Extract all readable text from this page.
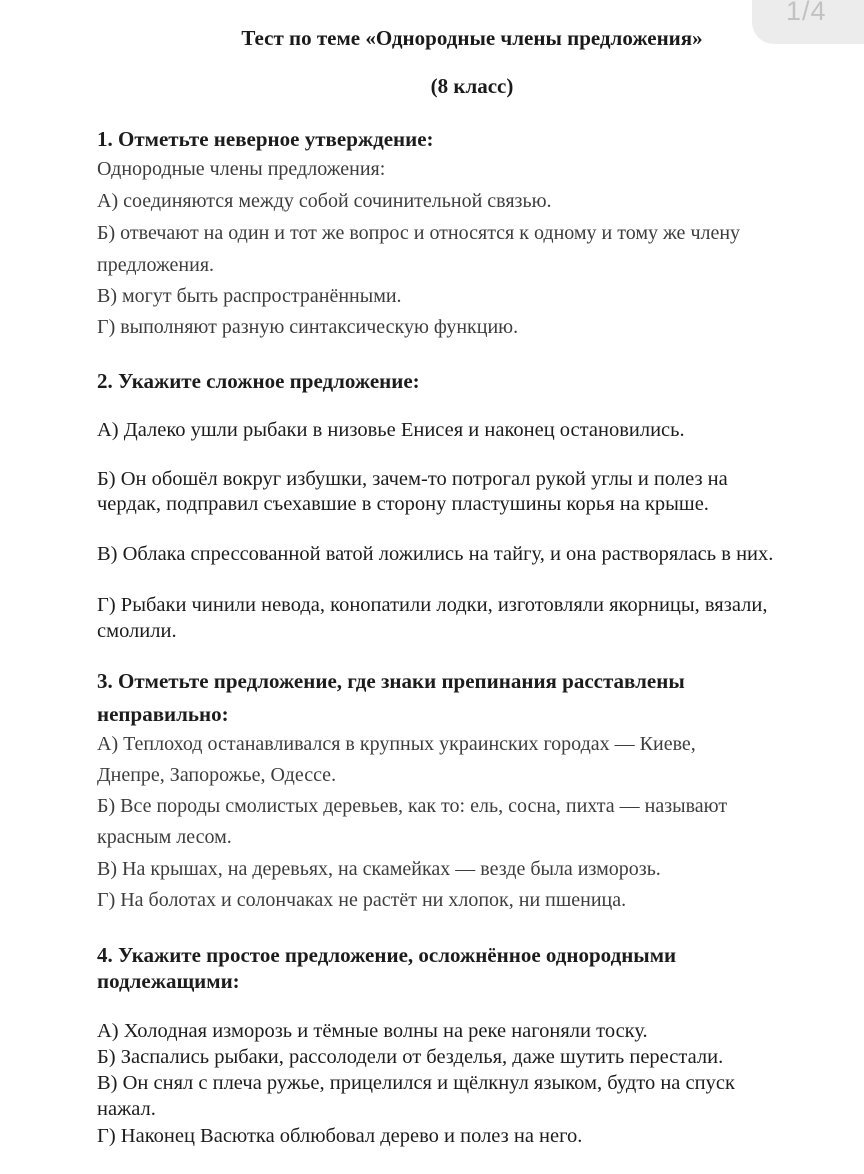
1/4
Тест по теме «Однородные члены предложения»
(8 класс)
1. Отметьте неверное утверждение:
Однородные члены предложения:
А) соединяются между собой сочинительной связью.
Б) отвечают на один и тот же вопрос и относятся к одному и тому же члену
предложения.
В) могут быть распространёнными.
Г) выполняют разную синтаксическую функцию.
2. Укажите сложное предложение:
А) Далеко ушли рыбаки в низовье Енисея и наконец остановились.
Б) Он обошёл вокруг избушки, зачем-то потрогал рукой углы и полез на
чердак, подправил съехавшие в сторону пластушины корья на крыше.
В) Облака спрессованной ватой ложились на тайгу, и она растворялась в них.
Г) Рыбаки чинили невода, конопатили лодки, изготовляли якорницы, вязали,
смолили.
3. Отметьте предложение, где знаки препинания расставлены
неправильно:
А) Теплоход останавливался в крупных украинских городах — Киеве,
Днепре, Запорожье, Одессе.
Б) Все породы смолистых деревьев, как то: ель, сосна, пихта — называют
красным лесом.
В) На крышах, на деревьях, на скамейках — везде была изморозь.
Г) На болотах и солончаках не растёт ни хлопок, ни пшеница.
4. Укажите простое предложение, осложнённое однородными
подлежащими:
А) Холодная изморозь и тёмные волны на реке нагоняли тоску.
Б) Заспались рыбаки, рассолодели от безделья, даже шутить перестали.
В) Он снял с плеча ружье, прицелился и щёлкнул языком, будто на спуск
нажал.
Г) Наконец Васютка облюбовал дерево и полез на него.
